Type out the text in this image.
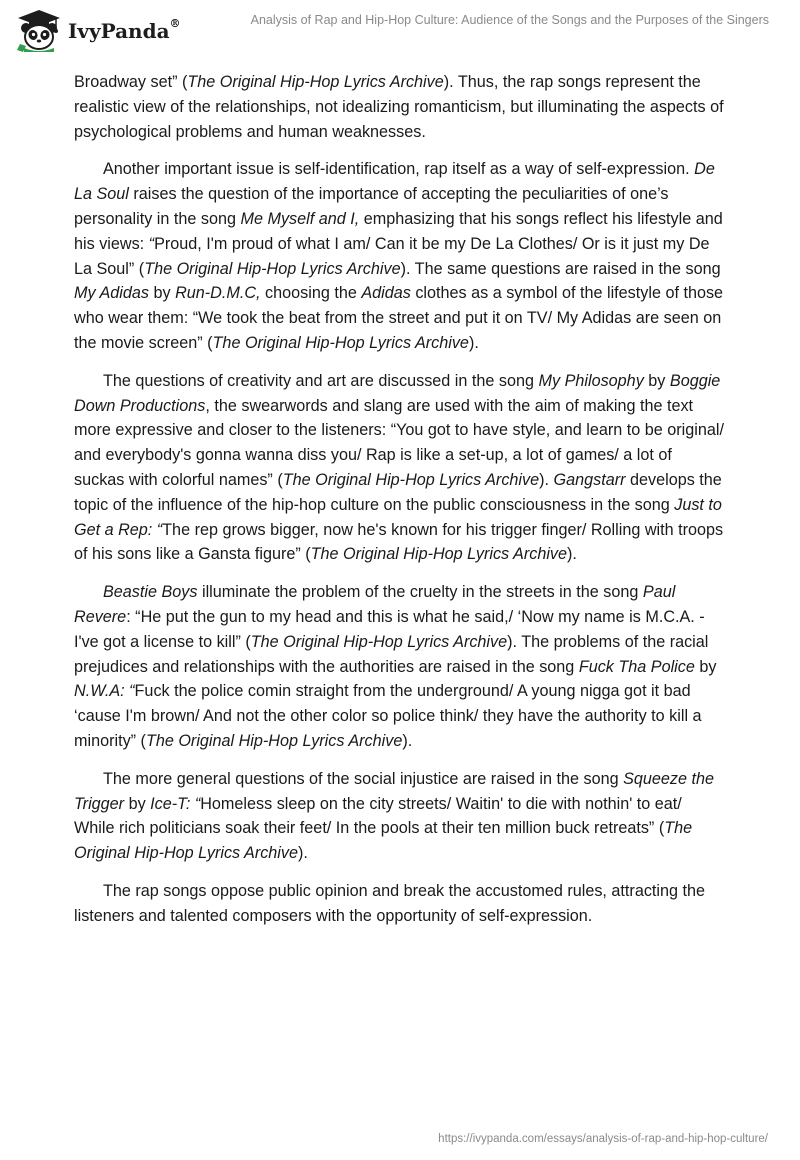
IvyPanda®	Analysis of Rap and Hip-Hop Culture: Audience of the Songs and the Purposes of the Singers

Broadway set” (The Original Hip-Hop Lyrics Archive). Thus, the rap songs represent the realistic view of the relationships, not idealizing romanticism, but illuminating the aspects of psychological problems and human weaknesses.

Another important issue is self-identification, rap itself as a way of self-expression. De La Soul raises the question of the importance of accepting the peculiarities of one’s personality in the song Me Myself and I, emphasizing that his songs reflect his lifestyle and his views: “Proud, I'm proud of what I am/ Can it be my De La Clothes/ Or is it just my De La Soul” (The Original Hip-Hop Lyrics Archive). The same questions are raised in the song My Adidas by Run-D.M.C, choosing the Adidas clothes as a symbol of the lifestyle of those who wear them: “We took the beat from the street and put it on TV/ My Adidas are seen on the movie screen” (The Original Hip-Hop Lyrics Archive).

The questions of creativity and art are discussed in the song My Philosophy by Boggie Down Productions, the swearwords and slang are used with the aim of making the text more expressive and closer to the listeners: “You got to have style, and learn to be original/ and everybody's gonna wanna diss you/ Rap is like a set-up, a lot of games/ a lot of suckas with colorful names” (The Original Hip-Hop Lyrics Archive). Gangstarr develops the topic of the influence of the hip-hop culture on the public consciousness in the song Just to Get a Rep: “The rep grows bigger, now he's known for his trigger finger/ Rolling with troops of his sons like a Gansta figure” (The Original Hip-Hop Lyrics Archive).

Beastie Boys illuminate the problem of the cruelty in the streets in the song Paul Revere: “He put the gun to my head and this is what he said,/ ‘Now my name is M.C.A. - I've got a license to kill” (The Original Hip-Hop Lyrics Archive). The problems of the racial prejudices and relationships with the authorities are raised in the song Fuck Tha Police by N.W.A: “Fuck the police comin straight from the underground/ A young nigga got it bad ‘cause I'm brown/ And not the other color so police think/ they have the authority to kill a minority” (The Original Hip-Hop Lyrics Archive).

The more general questions of the social injustice are raised in the song Squeeze the Trigger by Ice-T: “Homeless sleep on the city streets/ Waitin' to die with nothin' to eat/ While rich politicians soak their feet/ In the pools at their ten million buck retreats” (The Original Hip-Hop Lyrics Archive).

The rap songs oppose public opinion and break the accustomed rules, attracting the listeners and talented composers with the opportunity of self-expression.

https://ivypanda.com/essays/analysis-of-rap-and-hip-hop-culture/
